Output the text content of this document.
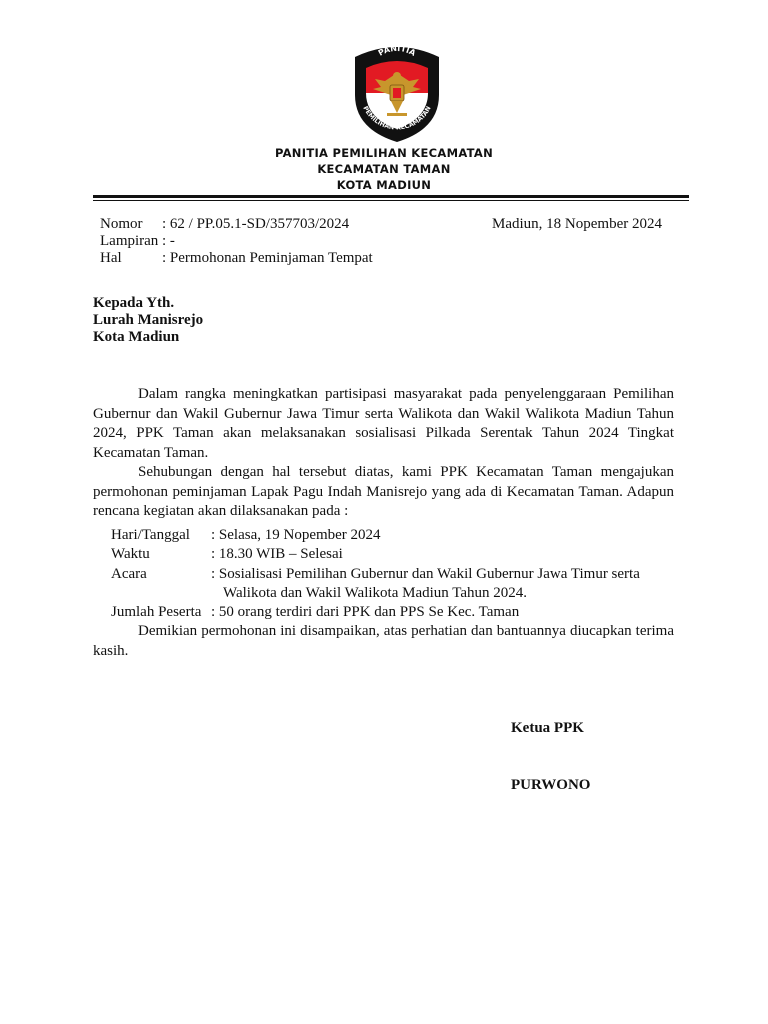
PANITIA
PEMILIHAN KECAMATAN
PANITIA PEMILIHAN KECAMATAN
KECAMATAN TAMAN
KOTA MADIUN
Nomor : 62 / PP.05.1-SD/357703/2024	Madiun, 18 Nopember 2024
Lampiran : -
Hal	: Permohonan Peminjaman Tempat
Kepada Yth.
Lurah Manisrejo
Kota Madiun
Dalam rangka meningkatkan partisipasi masyarakat pada penyelenggaraan Pemilihan Gubernur dan Wakil Gubernur Jawa Timur serta Walikota dan Wakil Walikota Madiun Tahun 2024, PPK Taman akan melaksanakan sosialisasi Pilkada Serentak Tahun 2024 Tingkat Kecamatan Taman.
Sehubungan dengan hal tersebut diatas, kami PPK Kecamatan Taman mengajukan permohonan peminjaman Lapak Pagu Indah Manisrejo yang ada di Kecamatan Taman. Adapun rencana kegiatan akan dilaksanakan pada :
Hari/Tanggal : Selasa, 19 Nopember 2024
Waktu	: 18.30 WIB – Selesai
Acara	: Sosialisasi Pemilihan Gubernur dan Wakil Gubernur Jawa Timur serta
Walikota dan Wakil Walikota Madiun Tahun 2024.
Jumlah Peserta : 50 orang terdiri dari PPK dan PPS Se Kec. Taman
Demikian permohonan ini disampaikan, atas perhatian dan bantuannya diucapkan terima kasih.
Ketua PPK
PURWONO
